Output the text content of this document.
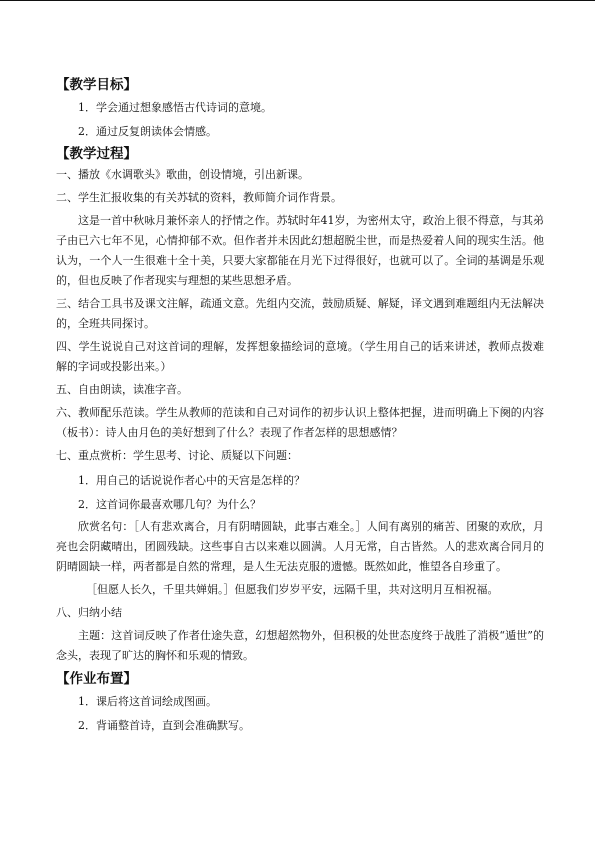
【教学目标】
1．学会通过想象感悟古代诗词的意境。
2．通过反复朗读体会情感。
【教学过程】
一、播放《水调歌头》歌曲，创设情境，引出新课。
二、学生汇报收集的有关苏轼的资料，教师简介词作背景。
这是一首中秋咏月兼怀亲人的抒情之作。苏轼时年41岁，为密州太守，政治上很不得意，与其弟子由已六七年不见，心情抑郁不欢。但作者并未因此幻想超脱尘世，而是热爱着人间的现实生活。他认为，一个人一生很难十全十美，只要大家都能在月光下过得很好，也就可以了。全词的基调是乐观的，但也反映了作者现实与理想的某些思想矛盾。
三、结合工具书及课文注解，疏通文意。先组内交流，鼓励质疑、解疑，译文遇到难题组内无法解决的，全班共同探讨。
四、学生说说自己对这首词的理解，发挥想象描绘词的意境。（学生用自己的话来讲述，教师点拨难解的字词或投影出来。）
五、自由朗读，读准字音。
六、教师配乐范读。学生从教师的范读和自己对词作的初步认识上整体把握，进而明确上下阕的内容（板书）：诗人由月色的美好想到了什么？表现了作者怎样的思想感情？
七、重点赏析：学生思考、讨论、质疑以下问题：
1．用自己的话说说作者心中的天宫是怎样的？
2．这首词你最喜欢哪几句？为什么？
欣赏名句：［人有悲欢离合，月有阴晴圆缺，此事古难全。］人间有离别的痛苦、团聚的欢欣，月亮也会阴藏晴出，团圆残缺。这些事自古以来难以圆满。人月无常，自古皆然。人的悲欢离合同月的阴晴圆缺一样，两者都是自然的常理，是人生无法克服的遗憾。既然如此，惟望各自珍重了。
［但愿人长久，千里共婵娟。］但愿我们岁岁平安，远隔千里，共对这明月互相祝福。
八、归纳小结
主题：这首词反映了作者仕途失意，幻想超然物外，但积极的处世态度终于战胜了消极“遁世”的念头，表现了旷达的胸怀和乐观的情致。
【作业布置】
1．课后将这首词绘成图画。
2．背诵整首诗，直到会准确默写。
